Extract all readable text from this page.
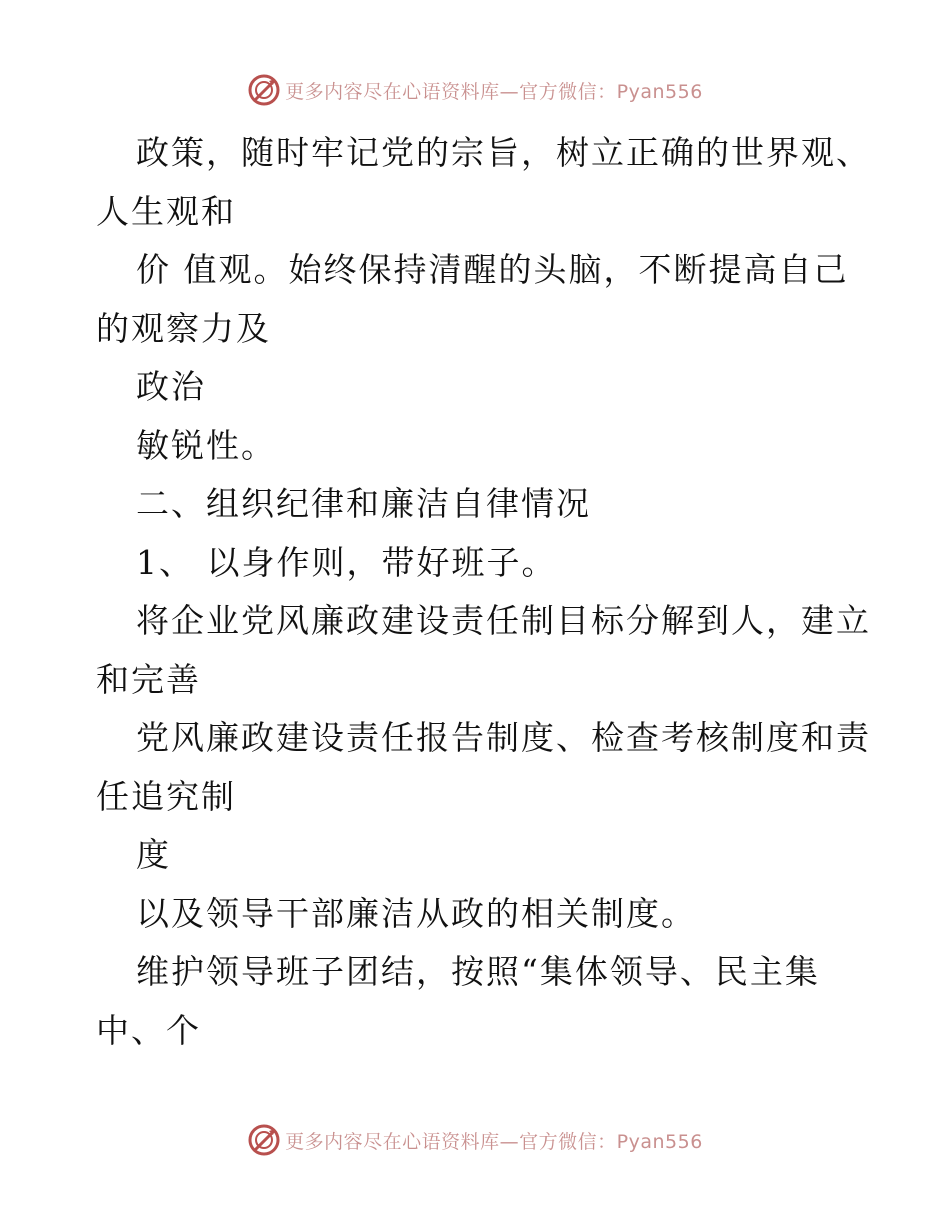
更多内容尽在心语资料库—官方微信：Pyan556
政策，随时牢记党的宗旨，树立正确的世界观、
人生观和
价 值观。始终保持清醒的头脑，不断提高自己
的观察力及
政治
敏锐性。
二、组织纪律和廉洁自律情况
1、 以身作则，带好班子。
将企业党风廉政建设责任制目标分解到人，建立
和完善
党风廉政建设责任报告制度、检查考核制度和责
任追究制
度
以及领导干部廉洁从政的相关制度。
维护领导班子团结，按照“集体领导、民主集
中、个
更多内容尽在心语资料库—官方微信：Pyan556
